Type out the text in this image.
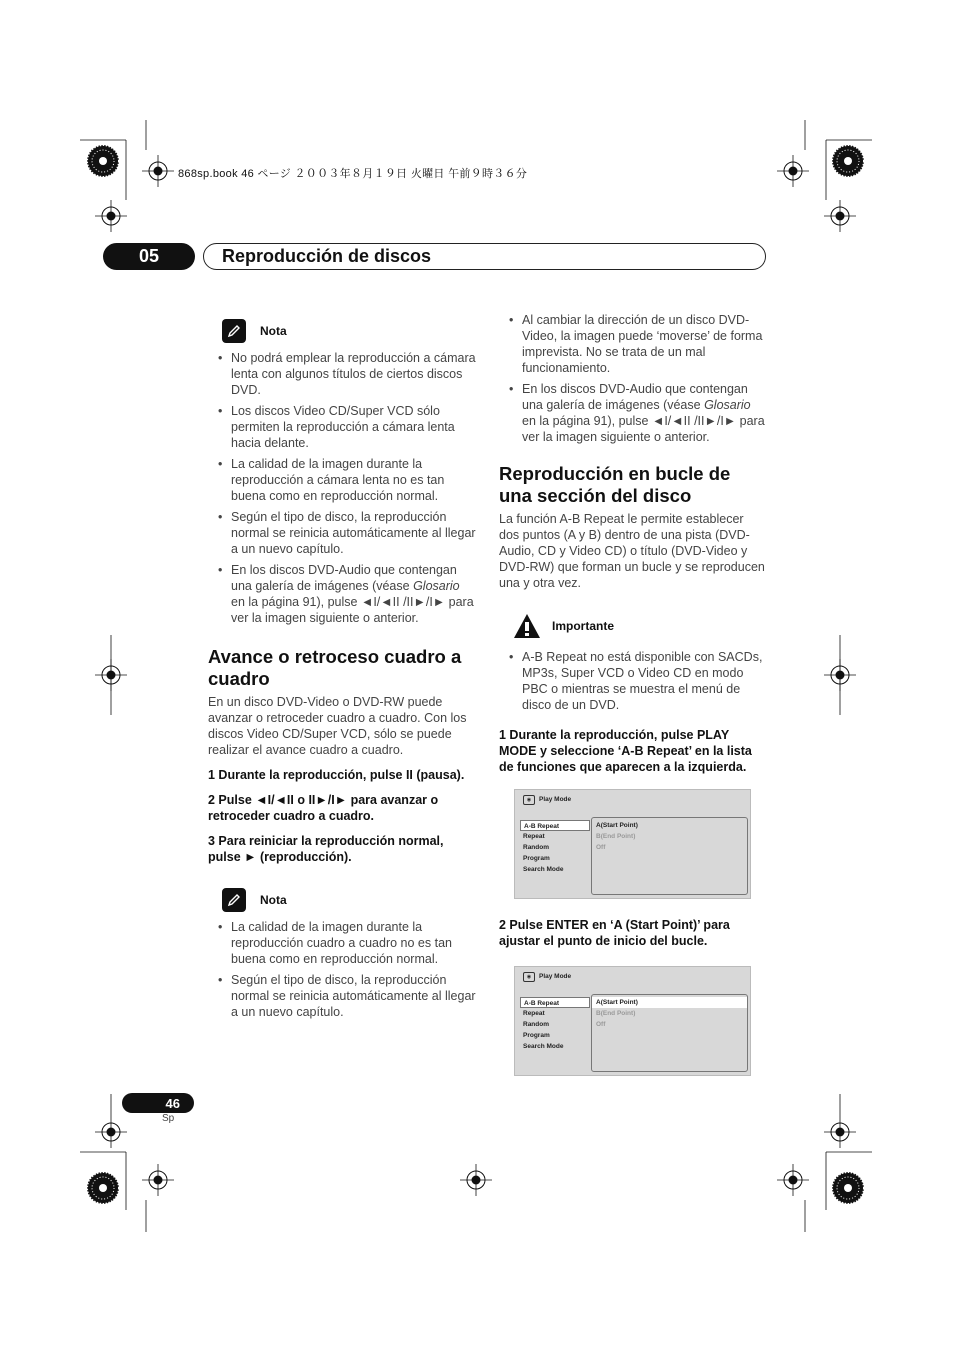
868sp.book 46 ページ ２００３年８月１９日 火曜日 午前９時３６分
05	Reproducción de discos
Nota
• No podrá emplear la reproducción a cámara lenta con algunos títulos de ciertos discos DVD.
• Los discos Video CD/Super VCD sólo permiten la reproducción a cámara lenta hacia delante.
• La calidad de la imagen durante la reproducción a cámara lenta no es tan buena como en reproducción normal.
• Según el tipo de disco, la reproducción normal se reinicia automáticamente al llegar a un nuevo capítulo.
• En los discos DVD-Audio que contengan una galería de imágenes (véase Glosario en la página 91), pulse ◄I/◄II /II►/I► para ver la imagen siguiente o anterior.
Avance o retroceso cuadro a cuadro

En un disco DVD-Video o DVD-RW puede avanzar o retroceder cuadro a cuadro. Con los discos Video CD/Super VCD, sólo se puede realizar el avance cuadro a cuadro.

1 Durante la reproducción, pulse II (pausa).
2 Pulse ◄I/◄II o II►/I► para avanzar o retroceder cuadro a cuadro.
3 Para reiniciar la reproducción normal, pulse ► (reproducción).
Nota
• La calidad de la imagen durante la reproducción cuadro a cuadro no es tan buena como en reproducción normal.
• Según el tipo de disco, la reproducción normal se reinicia automáticamente al llegar a un nuevo capítulo.
• Al cambiar la dirección de un disco DVD-Video, la imagen puede ‘moverse’ de forma imprevista. No se trata de un mal funcionamiento.
• En los discos DVD-Audio que contengan una galería de imágenes (véase Glosario en la página 91), pulse ◄I/◄II /II►/I► para ver la imagen siguiente o anterior.
Reproducción en bucle de una sección del disco

La función A-B Repeat le permite establecer dos puntos (A y B) dentro de una pista (DVD-Audio, CD y Video CD) o título (DVD-Video y DVD-RW) que forman un bucle y se reproducen una y otra vez.

Importante
• A-B Repeat no está disponible con SACDs, MP3s, Super VCD o Video CD en modo PBC o mientras se muestra el menú de disco de un DVD.
1 Durante la reproducción, pulse PLAY MODE y seleccione ‘A-B Repeat’ en la lista de funciones que aparecen a la izquierda.
◉	Play Mode
A-B Repeat
Repeat
Random
Program
Search Mode
A(Start Point)
B(End Point)
Off
2 Pulse ENTER en ‘A (Start Point)’ para ajustar el punto de inicio del bucle.
◉	Play Mode
A-B Repeat
Repeat
Random
Program
Search Mode
A(Start Point)
B(End Point)
Off
46
Sp
